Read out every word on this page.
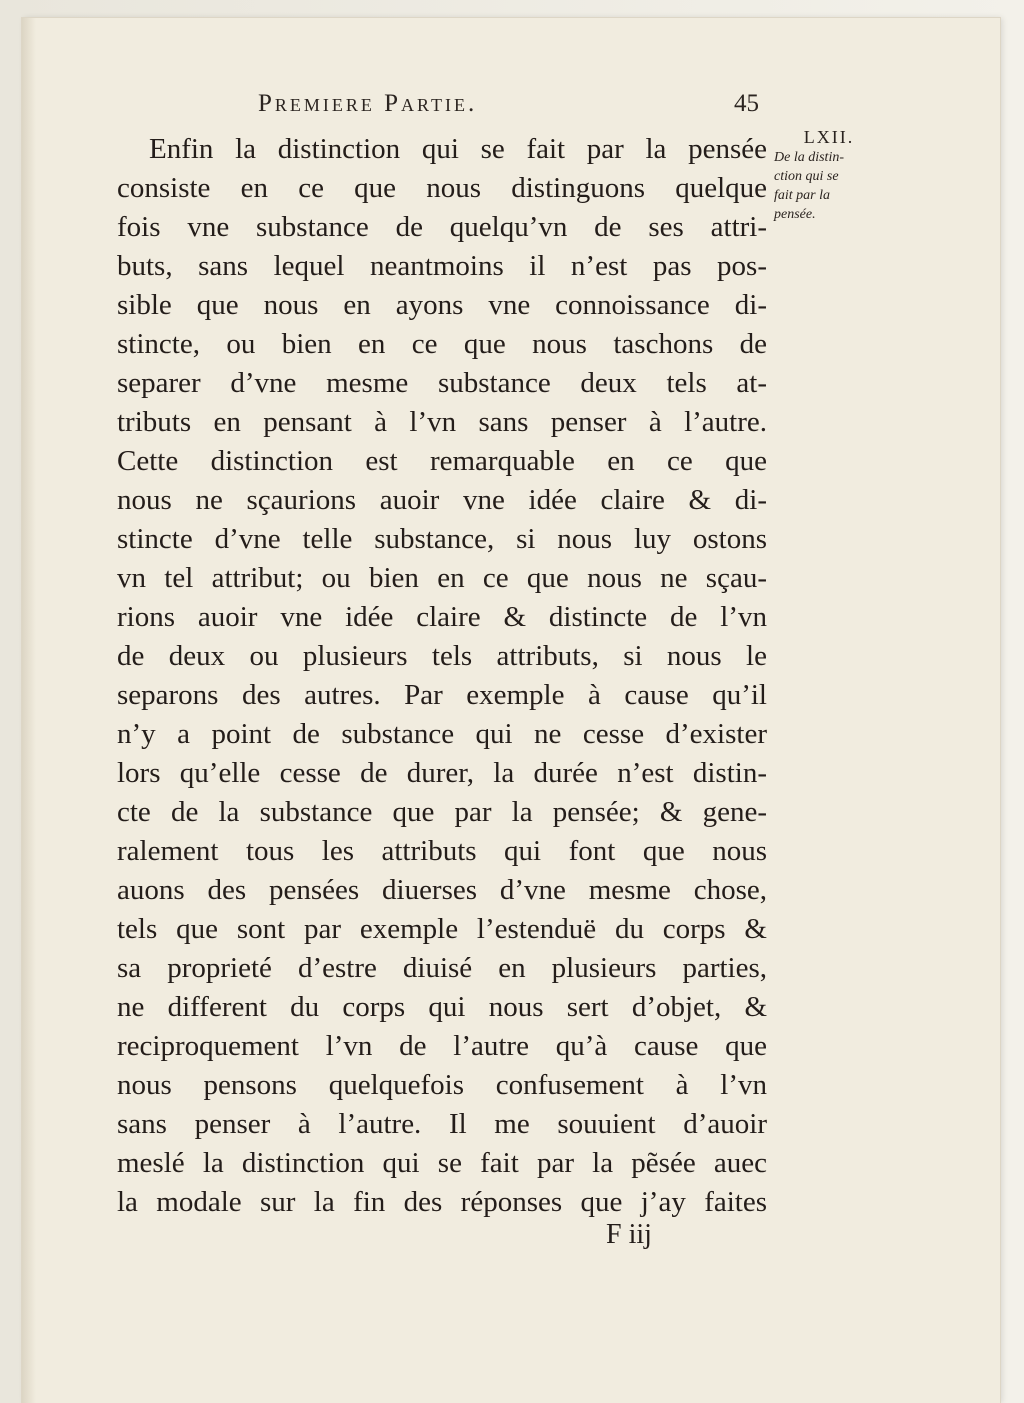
Premiere Partie.	45
Enfin la distinction qui se fait par la pensée
consiste en ce que nous distinguons quelque
fois vne substance de quelqu’vn de ses attri-
buts, sans lequel neantmoins il n’est pas pos-
sible que nous en ayons vne connoissance di-
stincte, ou bien en ce que nous taschons de
separer d’vne mesme substance deux tels at-
tributs en pensant à l’vn sans penser à l’autre.
Cette distinction est remarquable en ce que
nous ne sçaurions auoir vne idée claire & di-
stincte d’vne telle substance, si nous luy ostons
vn tel attribut; ou bien en ce que nous ne sçau-
rions auoir vne idée claire & distincte de l’vn
de deux ou plusieurs tels attributs, si nous le
separons des autres. Par exemple à cause qu’il
n’y a point de substance qui ne cesse d’exister
lors qu’elle cesse de durer, la durée n’est distin-
cte de la substance que par la pensée; & gene-
ralement tous les attributs qui font que nous
auons des pensées diuerses d’vne mesme chose,
tels que sont par exemple l’estenduë du corps &
sa proprieté d’estre diuisé en plusieurs parties,
ne different du corps qui nous sert d’objet, &
reciproquement l’vn de l’autre qu’à cause que
nous pensons quelquefois confusement à l’vn
sans penser à l’autre. Il me souuient d’auoir
meslé la distinction qui se fait par la pẽsée auec
la modale sur la fin des réponses que j’ay faites
LXII.
De la distin-
ction qui se
fait par la
pensée.
F iij
